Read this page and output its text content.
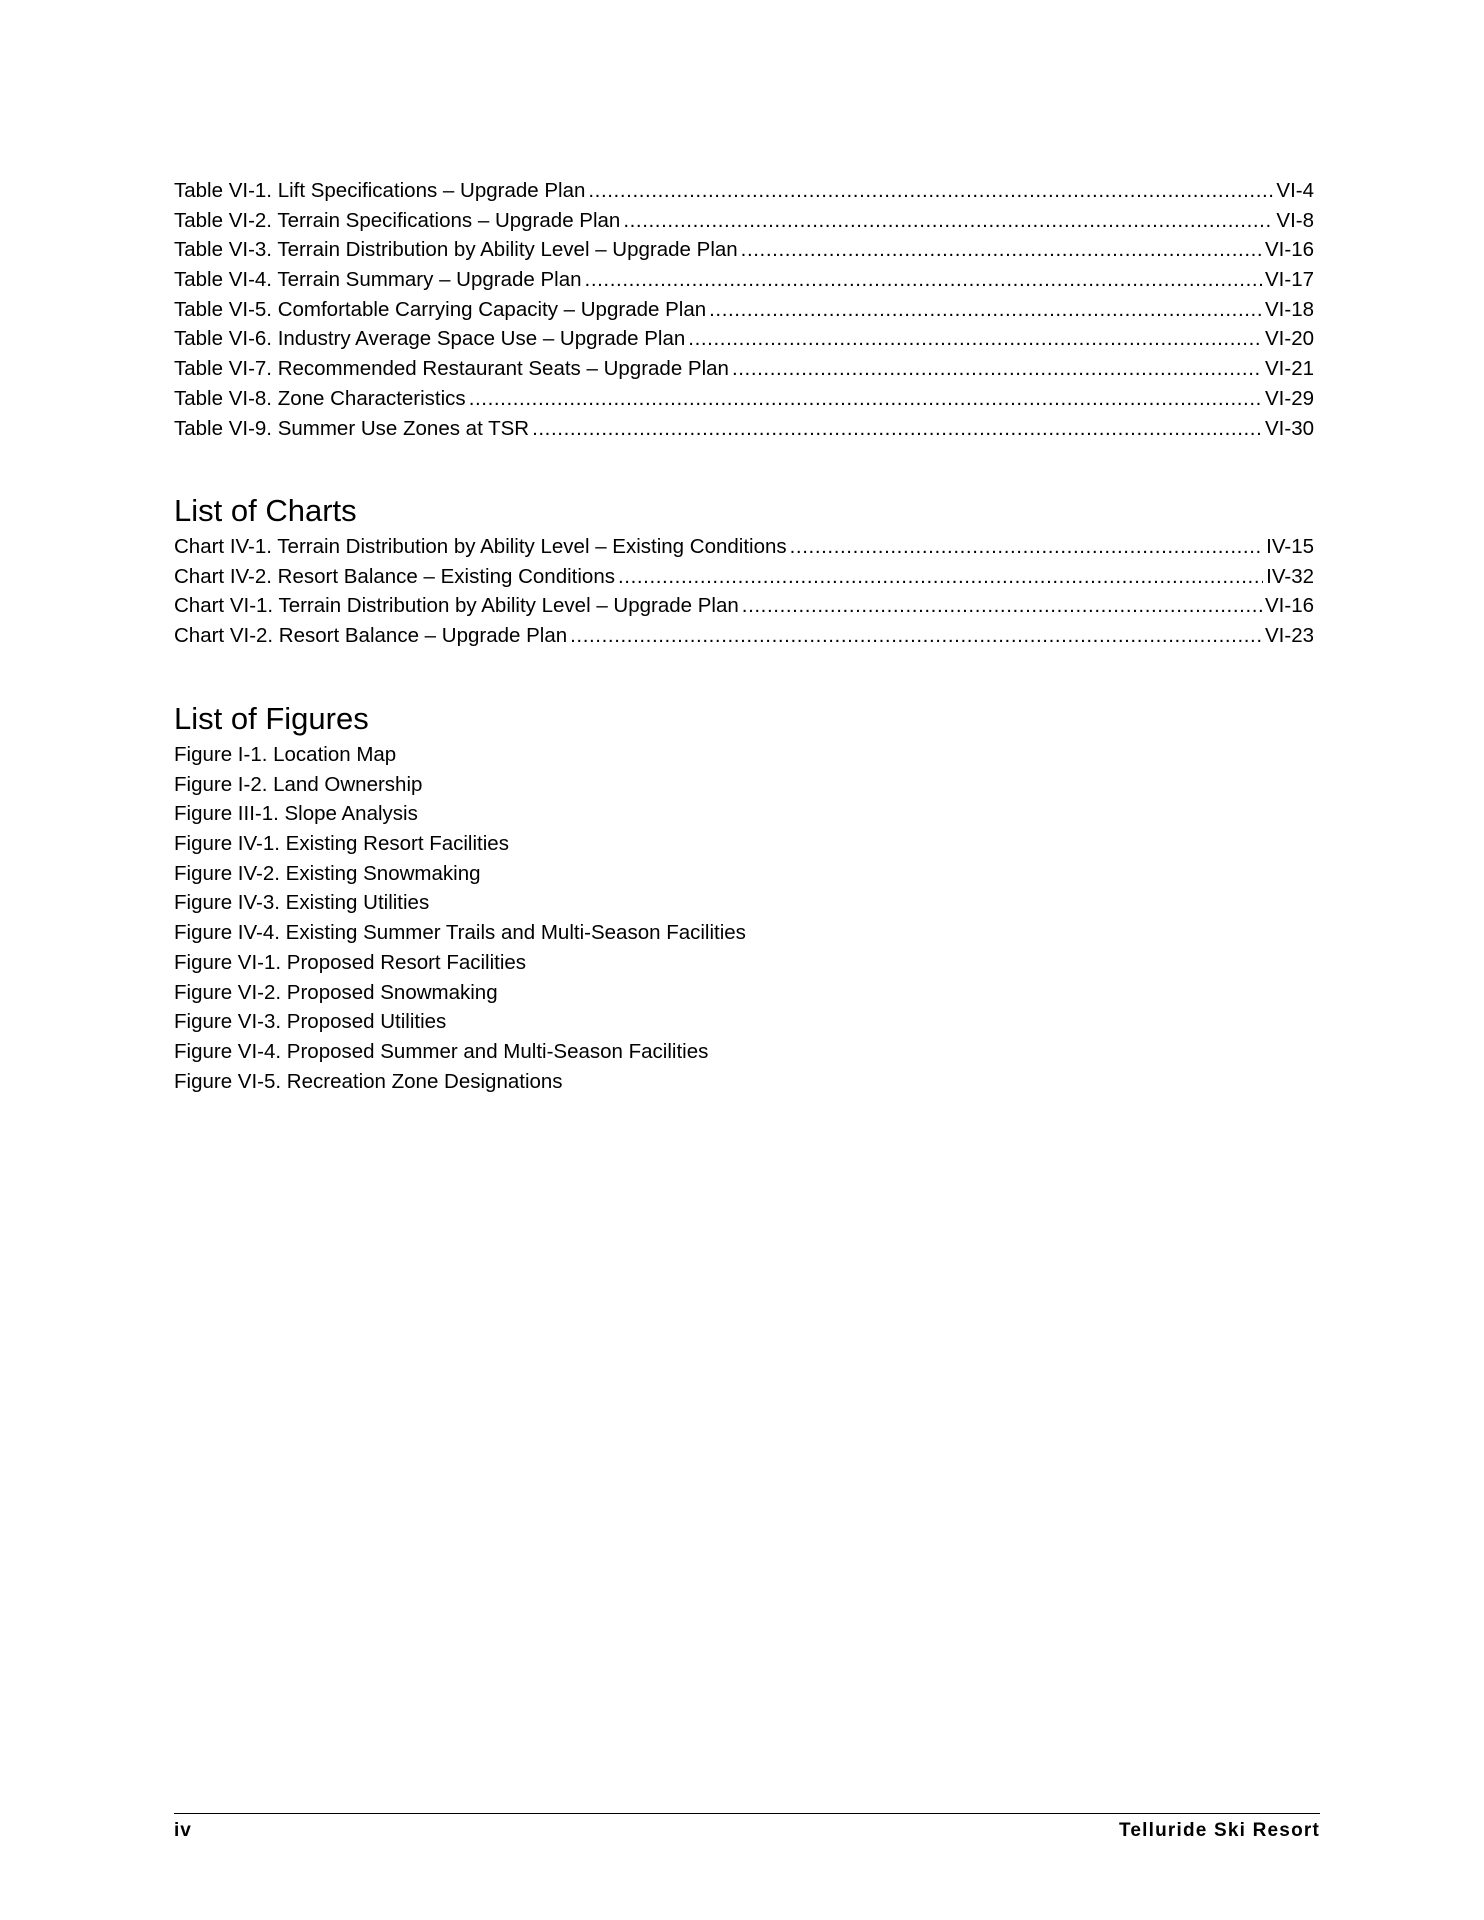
Table VI-1. Lift Specifications – Upgrade Plan .....	VI-4
Table VI-2. Terrain Specifications – Upgrade Plan .....	VI-8
Table VI-3. Terrain Distribution by Ability Level – Upgrade Plan .....	VI-16
Table VI-4. Terrain Summary – Upgrade Plan .....	VI-17
Table VI-5. Comfortable Carrying Capacity – Upgrade Plan .....	VI-18
Table VI-6. Industry Average Space Use – Upgrade Plan .....	VI-20
Table VI-7. Recommended Restaurant Seats – Upgrade Plan .....	VI-21
Table VI-8. Zone Characteristics .....	VI-29
Table VI-9. Summer Use Zones at TSR .....	VI-30
List of Charts
Chart IV-1. Terrain Distribution by Ability Level – Existing Conditions .....	IV-15
Chart IV-2. Resort Balance – Existing Conditions .....	IV-32
Chart VI-1. Terrain Distribution by Ability Level – Upgrade Plan .....	VI-16
Chart VI-2. Resort Balance – Upgrade Plan .....	VI-23
List of Figures
Figure I-1. Location Map
Figure I-2. Land Ownership
Figure III-1. Slope Analysis
Figure IV-1. Existing Resort Facilities
Figure IV-2. Existing Snowmaking
Figure IV-3. Existing Utilities
Figure IV-4. Existing Summer Trails and Multi-Season Facilities
Figure VI-1. Proposed Resort Facilities
Figure VI-2. Proposed Snowmaking
Figure VI-3. Proposed Utilities
Figure VI-4. Proposed Summer and Multi-Season Facilities
Figure VI-5. Recreation Zone Designations
iv	Telluride Ski Resort
